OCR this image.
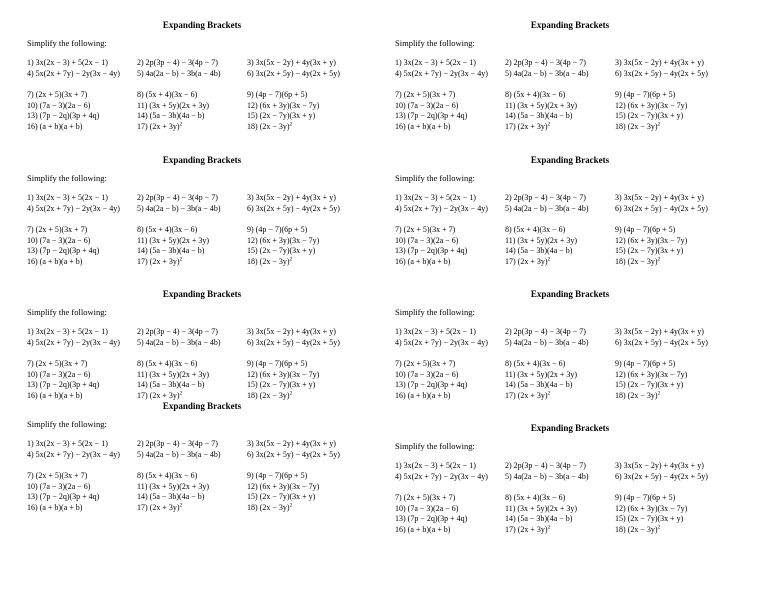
Expanding Brackets
Simplify the following:
1) 3x(2x − 3) + 5(2x − 1)	2) 2p(3p − 4) − 3(4p − 7)	3) 3x(5x − 2y) + 4y(3x + y)
4) 5x(2x + 7y) − 2y(3x − 4y)	5) 4a(2a − b) − 3b(a − 4b)	6) 3x(2x + 5y) − 4y(2x + 5y)
7) (2x + 5)(3x + 7)	8) (5x + 4)(3x − 6)	9) (4p − 7)(6p + 5)
10) (7a − 3)(2a − 6)	11) (3x + 5y)(2x + 3y)	12) (6x + 3y)(3x − 7y)
13) (7p − 2q)(3p + 4q)	14) (5a − 3b)(4a − b)	15) (2x − 7y)(3x + y)
16) (a + b)(a + b)	17) $(2x + 3y)^2$	18) $(2x - 3y)^2$
Expanding Brackets
Simplify the following:
1) 3x(2x − 3) + 5(2x − 1)	2) 2p(3p − 4) − 3(4p − 7)	3) 3x(5x − 2y) + 4y(3x + y)
4) 5x(2x + 7y) − 2y(3x − 4y)	5) 4a(2a − b) − 3b(a − 4b)	6) 3x(2x + 5y) − 4y(2x + 5y)
7) (2x + 5)(3x + 7)	8) (5x + 4)(3x − 6)	9) (4p − 7)(6p + 5)
10) (7a − 3)(2a − 6)	11) (3x + 5y)(2x + 3y)	12) (6x + 3y)(3x − 7y)
13) (7p − 2q)(3p + 4q)	14) (5a − 3b)(4a − b)	15) (2x − 7y)(3x + y)
16) (a + b)(a + b)	17) $(2x + 3y)^2$	18) $(2x - 3y)^2$
Expanding Brackets
Simplify the following:
1) 3x(2x − 3) + 5(2x − 1)	2) 2p(3p − 4) − 3(4p − 7)	3) 3x(5x − 2y) + 4y(3x + y)
4) 5x(2x + 7y) − 2y(3x − 4y)	5) 4a(2a − b) − 3b(a − 4b)	6) 3x(2x + 5y) − 4y(2x + 5y)
7) (2x + 5)(3x + 7)	8) (5x + 4)(3x − 6)	9) (4p − 7)(6p + 5)
10) (7a − 3)(2a − 6)	11) (3x + 5y)(2x + 3y)	12) (6x + 3y)(3x − 7y)
13) (7p − 2q)(3p + 4q)	14) (5a − 3b)(4a − b)	15) (2x − 7y)(3x + y)
16) (a + b)(a + b)	17) $(2x + 3y)^2$	18) $(2x - 3y)^2$
Expanding Brackets
Simplify the following:
1) 3x(2x − 3) + 5(2x − 1)	2) 2p(3p − 4) − 3(4p − 7)	3) 3x(5x − 2y) + 4y(3x + y)
4) 5x(2x + 7y) − 2y(3x − 4y)	5) 4a(2a − b) − 3b(a − 4b)	6) 3x(2x + 5y) − 4y(2x + 5y)
7) (2x + 5)(3x + 7)	8) (5x + 4)(3x − 6)	9) (4p − 7)(6p + 5)
10) (7a − 3)(2a − 6)	11) (3x + 5y)(2x + 3y)	12) (6x + 3y)(3x − 7y)
13) (7p − 2q)(3p + 4q)	14) (5a − 3b)(4a − b)	15) (2x − 7y)(3x + y)
16) (a + b)(a + b)	17) $(2x + 3y)^2$	18) $(2x - 3y)^2$
Expanding Brackets
Simplify the following:
1) 3x(2x − 3) + 5(2x − 1)	2) 2p(3p − 4) − 3(4p − 7)	3) 3x(5x − 2y) + 4y(3x + y)
4) 5x(2x + 7y) − 2y(3x − 4y)	5) 4a(2a − b) − 3b(a − 4b)	6) 3x(2x + 5y) − 4y(2x + 5y)
7) (2x + 5)(3x + 7)	8) (5x + 4)(3x − 6)	9) (4p − 7)(6p + 5)
10) (7a − 3)(2a − 6)	11) (3x + 5y)(2x + 3y)	12) (6x + 3y)(3x − 7y)
13) (7p − 2q)(3p + 4q)	14) (5a − 3b)(4a − b)	15) (2x − 7y)(3x + y)
16) (a + b)(a + b)	17) $(2x + 3y)^2$	18) $(2x - 3y)^2$
Expanding Brackets
Simplify the following:
1) 3x(2x − 3) + 5(2x − 1)	2) 2p(3p − 4) − 3(4p − 7)	3) 3x(5x − 2y) + 4y(3x + y)
4) 5x(2x + 7y) − 2y(3x − 4y)	5) 4a(2a − b) − 3b(a − 4b)	6) 3x(2x + 5y) − 4y(2x + 5y)
7) (2x + 5)(3x + 7)	8) (5x + 4)(3x − 6)	9) (4p − 7)(6p + 5)
10) (7a − 3)(2a − 6)	11) (3x + 5y)(2x + 3y)	12) (6x + 3y)(3x − 7y)
13) (7p − 2q)(3p + 4q)	14) (5a − 3b)(4a − b)	15) (2x − 7y)(3x + y)
16) (a + b)(a + b)	17) $(2x + 3y)^2$	18) $(2x - 3y)^2$
Expanding Brackets
Simplify the following:
1) 3x(2x − 3) + 5(2x − 1)	2) 2p(3p − 4) − 3(4p − 7)	3) 3x(5x − 2y) + 4y(3x + y)
4) 5x(2x + 7y) − 2y(3x − 4y)	5) 4a(2a − b) − 3b(a − 4b)	6) 3x(2x + 5y) − 4y(2x + 5y)
7) (2x + 5)(3x + 7)	8) (5x + 4)(3x − 6)	9) (4p − 7)(6p + 5)
10) (7a − 3)(2a − 6)	11) (3x + 5y)(2x + 3y)	12) (6x + 3y)(3x − 7y)
13) (7p − 2q)(3p + 4q)	14) (5a − 3b)(4a − b)	15) (2x − 7y)(3x + y)
16) (a + b)(a + b)	17) $(2x + 3y)^2$	18) $(2x - 3y)^2$
Expanding Brackets
Simplify the following:
1) 3x(2x − 3) + 5(2x − 1)	2) 2p(3p − 4) − 3(4p − 7)	3) 3x(5x − 2y) + 4y(3x + y)
4) 5x(2x + 7y) − 2y(3x − 4y)	5) 4a(2a − b) − 3b(a − 4b)	6) 3x(2x + 5y) − 4y(2x + 5y)
7) (2x + 5)(3x + 7)	8) (5x + 4)(3x − 6)	9) (4p − 7)(6p + 5)
10) (7a − 3)(2a − 6)	11) (3x + 5y)(2x + 3y)	12) (6x + 3y)(3x − 7y)
13) (7p − 2q)(3p + 4q)	14) (5a − 3b)(4a − b)	15) (2x − 7y)(3x + y)
16) (a + b)(a + b)	17) $(2x + 3y)^2$	18) $(2x - 3y)^2$
